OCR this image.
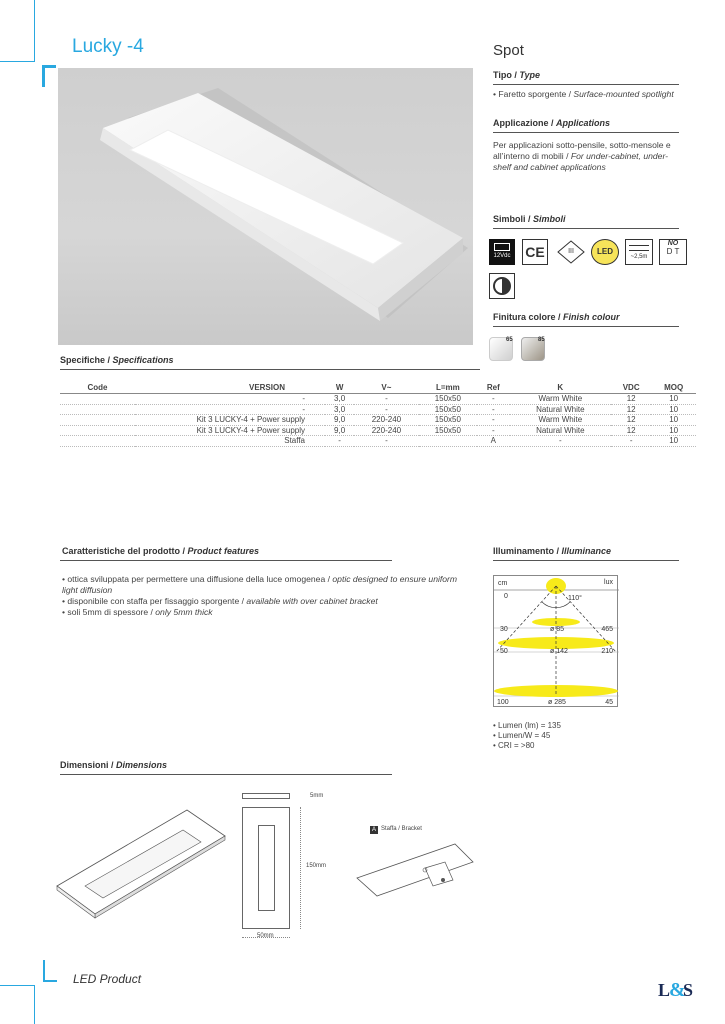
Lucky -4	Spot
Tipo / Type
• Faretto sporgente / Surface-mounted spotlight
Applicazione / Applications
Per applicazioni sotto-pensile, sotto-mensole e all’interno di mobili / For under-cabinet, under-shelf and cabinet applications
Simboli / Simboli
12Vdc CE	III	LED
~2,5m
NO
D T
Finitura colore / Finish colour
65	85
Specifiche / Specifications
Code	VERSION	W	V~	L=mm	Ref	K	VDC	MOQ
	-	3,0	-	150x50	-	Warm White	12	10
	-	3,0	-	150x50	-	Natural White	12	10
	Kit 3 LUCKY-4 + Power supply	9,0	220-240	150x50	-	Warm White	12	10
	Kit 3 LUCKY-4 + Power supply	9,0	220-240	150x50	-	Natural White	12	10
	Staffa	-	-		A	-	-	10
Caratteristiche del prodotto / Product features
• ottica sviluppata per permettere una diffusione della luce omogenea / optic designed to ensure uniform light diffusion
• disponibile con staffa per fissaggio sporgente / available with over cabinet bracket
• soli 5mm di spessore / only 5mm thick
Illuminamento / Illuminance
cm	lux
110°
0
30	ø 85	465
50	ø 142	210
100	ø 285	45
• Lumen (lm) = 135
• Lumen/W = 45
• CRI = >80
Dimensioni / Dimensions
5mm
150mm
50mm
A Staffa / Bracket
LED Product
L
&
S
